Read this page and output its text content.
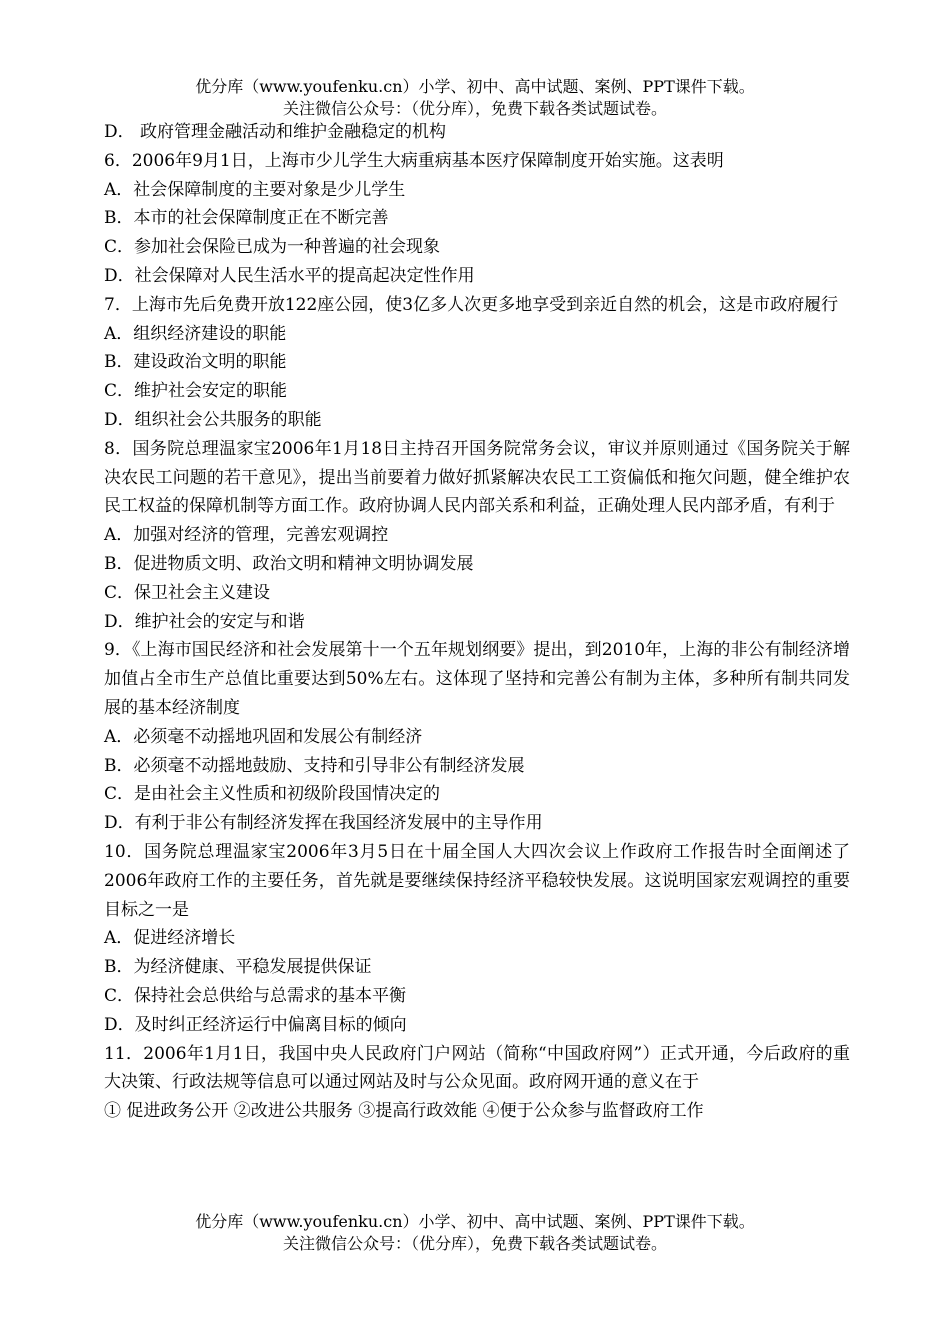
优分库（www.youfenku.cn）小学、初中、高中试题、案例、PPT课件下载。
关注微信公众号：（优分库），免费下载各类试题试卷。

D． 政府管理金融活动和维护金融稳定的机构

6．2006年9月1日，上海市少儿学生大病重病基本医疗保障制度开始实施。这表明

A．社会保障制度的主要对象是少儿学生

B．本市的社会保障制度正在不断完善

C．参加社会保险已成为一种普遍的社会现象

D．社会保障对人民生活水平的提高起决定性作用

7．上海市先后免费开放122座公园，使3亿多人次更多地享受到亲近自然的机会，这是市政府履行

A．组织经济建设的职能

B．建设政治文明的职能

C．维护社会安定的职能

D．组织社会公共服务的职能

8．国务院总理温家宝2006年1月18日主持召开国务院常务会议，审议并原则通过《国务院关于解决农民工问题的若干意见》，提出当前要着力做好抓紧解决农民工工资偏低和拖欠问题，健全维护农民工权益的保障机制等方面工作。政府协调人民内部关系和利益，正确处理人民内部矛盾，有利于

A．加强对经济的管理，完善宏观调控

B．促进物质文明、政治文明和精神文明协调发展

C．保卫社会主义建设

D．维护社会的安定与和谐

9．《上海市国民经济和社会发展第十一个五年规划纲要》提出，到2010年，上海的非公有制经济增加值占全市生产总值比重要达到50%左右。这体现了坚持和完善公有制为主体，多种所有制共同发展的基本经济制度

A．必须毫不动摇地巩固和发展公有制经济

B．必须毫不动摇地鼓励、支持和引导非公有制经济发展

C．是由社会主义性质和初级阶段国情决定的

D．有利于非公有制经济发挥在我国经济发展中的主导作用

10．国务院总理温家宝2006年3月5日在十届全国人大四次会议上作政府工作报告时全面阐述了2006年政府工作的主要任务，首先就是要继续保持经济平稳较快发展。这说明国家宏观调控的重要目标之一是

A．促进经济增长

B．为经济健康、平稳发展提供保证

C．保持社会总供给与总需求的基本平衡

D．及时纠正经济运行中偏离目标的倾向

11．2006年1月1日，我国中央人民政府门户网站（简称“中国政府网”）正式开通，今后政府的重大决策、行政法规等信息可以通过网站及时与公众见面。政府网开通的意义在于

① 促进政务公开 ②改进公共服务 ③提高行政效能 ④便于公众参与监督政府工作

优分库（www.youfenku.cn）小学、初中、高中试题、案例、PPT课件下载。
关注微信公众号：（优分库），免费下载各类试题试卷。
